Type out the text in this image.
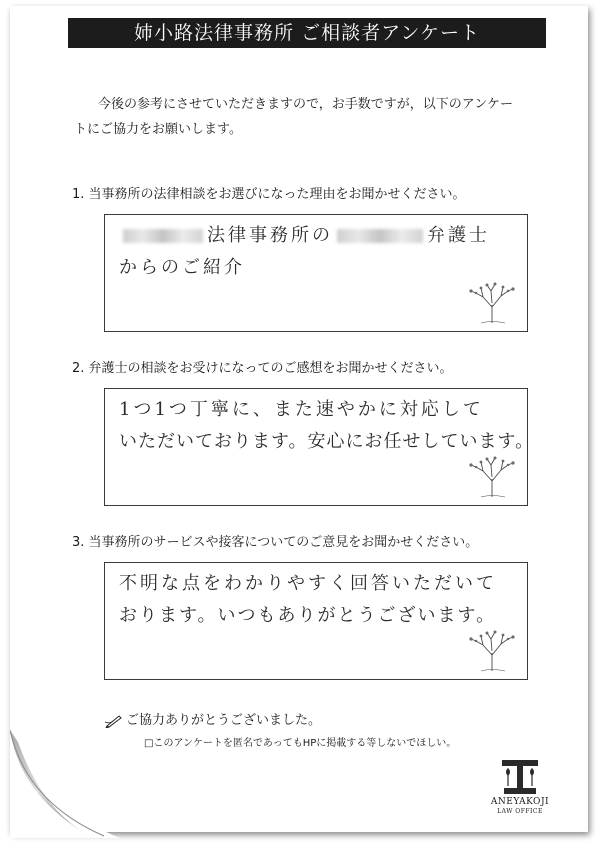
姉小路法律事務所 ご相談者アンケート
今後の参考にさせていただきますので，お手数ですが，以下のアンケー
トにご協力をお願いします。
1. 当事務所の法律相談をお選びになった理由をお聞かせください。
法律事務所の	弁護士
からのご紹介
2. 弁護士の相談をお受けになってのご感想をお聞かせください。
1つ1つ丁寧に、また速やかに対応して
いただいております。安心にお任せしています。
3. 当事務所のサービスや接客についてのご意見をお聞かせください。
不明な点をわかりやすく回答いただいて
おります。いつもありがとうございます。
ご協力ありがとうございました。
□このアンケートを匿名であってもHPに掲載する等しないでほしい。
ANEYAKOJI
LAW OFFICE
